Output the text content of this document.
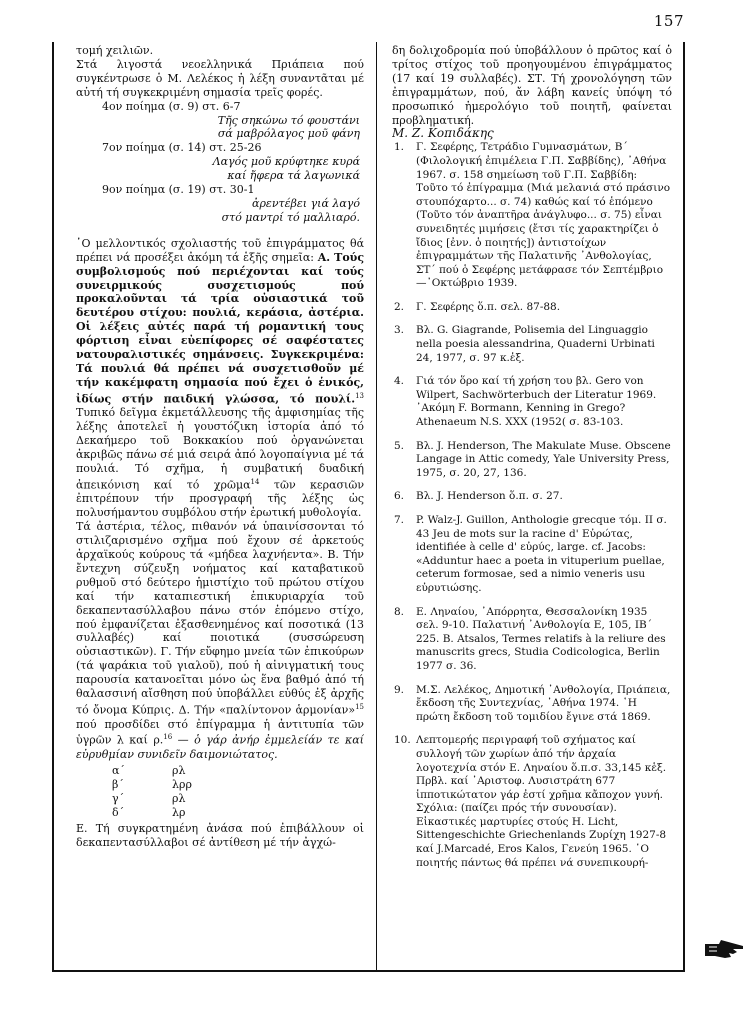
157

τομή χειλιῶν.

Στά λιγοστά νεοελληνικά Πριάπεια πού συγκέντρωσε ὁ Μ. Λελέκος ἡ λέξη συναντᾶται μέ αὐτή τή συγκεκριμένη σημασία τρεῖς φορές.

4ον ποίημα (σ. 9) στ. 6-7

Τῆς σηκώνω τό φουστάνι

σά μαβρόλαγος μοῦ φάνη

7ον ποίημα (σ. 14) στ. 25-26

Λαγός μοῦ κρύφτηκε κυρά

καί ἤφερα τά λαγωνικά

9ον ποίημα (σ. 19) στ. 30-1

ἀρεντέβει γιά λαγό

στό μαντρί τό μαλλιαρό.

῾Ο μελλοντικός σχολιαστής τοῦ ἐπιγράμματος θά πρέπει νά προσέξει ἀκόμη τά ἑξῆς σημεῖα: Α. Τούς συμβολισμούς πού περιέχονται καί τούς συνειρμικούς συσχετισμούς πού προκαλοῦνται τά τρία οὐσιαστικά τοῦ δευτέρου στίχου: πουλιά, κεράσια, ἀστέρια. Οἱ λέξεις αὐτές παρά τή ρομαντική τους φόρτιση εἶναι εὐεπίφορες σέ σαφέστατες νατουραλιστικές σημάνσεις. Συγκεκριμένα: Τά πουλιά θά πρέπει νά συσχετισθοῦν μέ τήν κακέμφατη σημασία πού ἔχει ὁ ἑνικός, ἰδίως στήν παιδική γλώσσα, τό πουλί.$^{13}$ Τυπικό δεῖγμα ἐκμετάλλευσης τῆς ἀμφισημίας τῆς λέξης ἀποτελεῖ ἡ γουστόζικη ἱστορία ἀπό τό Δεκαήμερο τοῦ Βοκκακίου πού ὀργανώνεται ἀκριβῶς πάνω σέ μιά σειρά ἀπό λογοπαίγνια μέ τά πουλιά. Τό σχῆμα, ἡ συμβατική δυαδική ἀπεικόνιση καί τό χρῶμα$^{14}$ τῶν κερασιῶν ἐπιτρέπουν τήν προσγραφή τῆς λέξης ὡς πολυσήμαντου συμβόλου στήν ἐρωτική μυθολογία.

Τά ἀστέρια, τέλος, πιθανόν νά ὑπαινίσσονται τό στιλιζαρισμένο σχῆμα πού ἔχουν σέ ἀρκετούς ἀρχαϊκούς κούρους τά «μήδεα λαχνήεντα». Β. Τήν ἔντεχνη σύζευξη νοήματος καί καταβατικοῦ ρυθμοῦ στό δεύτερο ἡμιστίχιο τοῦ πρώτου στίχου καί τήν καταπιεστική ἐπικυριαρχία τοῦ δεκαπεντασύλλαβου πάνω στόν ἑπόμενο στίχο, πού ἐμφανίζεται ἐξασθενημένος καί ποσοτικά (13 συλλαβές) καί ποιοτικά (συσσώρευση οὐσιαστικῶν). Γ. Τήν εὔφημο μνεία τῶν ἐπικούρων (τά ψαράκια τοῦ γιαλοῦ), πού ἡ αἰνιγματική τους παρουσία κατανοεῖται μόνο ὡς ἕνα βαθμό ἀπό τή θαλασσινή αἴσθηση πού ὑποβάλλει εὐθύς ἐξ ἀρχῆς τό ὄνομα Κύπρις. Δ. Τήν «παλίντονον ἁρμονίαν»$^{15}$ πού προσδίδει στό ἐπίγραμμα ἡ ἀντιτυπία τῶν ὑγρῶν λ καί ρ.$^{16}$ — ὁ γάρ ἀνήρ ἐμμελείάν τε καί εὐρυθμίαν συνιδεῖν δαιμονιώτατος.

α΄	ρλ
β΄	λρρ
γ΄	ρλ
δ΄	λρ

Ε. Τή συγκρατημένη ἀνάσα πού ἐπιβάλλουν οἱ δεκαπεντασύλλαβοι σέ ἀντίθεση μέ τήν ἀγχώ-

δη δολιχοδρομία πού ὑποβάλλουν ὁ πρῶτος καί ὁ τρίτος στίχος τοῦ προηγουμένου ἐπιγράμματος (17 καί 19 συλλαβές). ΣΤ. Τή χρονολόγηση τῶν ἐπιγραμμάτων, πού, ἄν λάβη κανείς ὑπόψη τό προσωπικό ἡμερολόγιο τοῦ ποιητῆ, φαίνεται προβληματική.

Μ. Ζ. Κοπιδάκης

1.	Γ. Σεφέρης, Τετράδιο Γυμνασμάτων, Β΄ (Φιλολογική ἐπιμέλεια Γ.Π. Σαββίδης), ᾿Αθήνα 1967. σ. 158 σημείωση τοῦ Γ.Π. Σαββίδη: Τοῦτο τό ἐπίγραμμα (Μιά μελανιά στό πράσινο στουπόχαρτο... σ. 74) καθώς καί τό ἑπόμενο (Τοῦτο τόν ἀναπτῆρα ἀνάγλυφο... σ. 75) εἶναι συνειδητές μιμήσεις (ἔτσι τίς χαρακτηρίζει ὁ ἴδιος [ἐνν. ὁ ποιητής]) ἀντιστοίχων ἐπιγραμμάτων τῆς Παλατινῆς ᾿Ανθολογίας, ΣΤ΄ πού ὁ Σεφέρης μετάφρασε τόν Σεπτέμβριο—᾿Οκτώβριο 1939.
2.	Γ. Σεφέρης ὅ.π. σελ. 87-88.
3.	Βλ. G. Giagrande, Polisemia del Linguaggio nella poesia alessandrina, Quaderni Urbinati 24, 1977, σ. 97 κ.ἑξ.
4.	Γιά τόν ὅρο καί τή χρήση του βλ. Gero von Wilpert, Sachwörterbuch der Literatur 1969. ᾿Ακόμη F. Bormann, Kenning in Grego? Athenaeum N.S. XXX (1952( σ. 83-103.
5.	Βλ. J. Henderson, The Makulate Muse. Obscene Langage in Attic comedy, Yale University Press, 1975, σ. 20, 27, 136.
6.	Βλ. J. Henderson ὅ.π. σ. 27.
7.	P. Walz-J. Guillon, Anthologie grecque τόμ. II σ. 43 Jeu de mots sur la racine d' Εὐρώτας, identifiée à celle d' εὐρύς, large. cf. Jacobs: «Adduntur haec a poeta in vituperium puellae, ceterum formosae, sed a nimio veneris usu εὐρυτιώσης.
8.	Ε. Ληναίου, ᾿Απόρρητα, Θεσσαλονίκη 1935 σελ. 9-10. Παλατινή ᾿Ανθολογία Ε, 105, ΙΒ΄ 225. B. Atsalos, Termes relatifs à la reliure des manuscrits grecs, Studia Codicologica, Berlin 1977 σ. 36.
9.	Μ.Σ. Λελέκος, Δημοτική ᾿Ανθολογία, Πριάπεια, ἔκδοση τῆς Συντεχνίας, ᾿Αθήνα 1974. ῾Η πρώτη ἔκδοση τοῦ τομιδίου ἔγινε στά 1869.
10. Λεπτομερής περιγραφή τοῦ σχήματος καί συλλογή τῶν χωρίων ἀπό τήν ἀρχαία λογοτεχνία στόν Ε. Ληναίου ὅ.π.σ. 33,145 κἑξ. Πρβλ. καί ᾿Αριστοφ. Λυσιστράτη 677 ἱπποτικώτατον γάρ ἐστί χρῆμα κἄποχον γυνή. Σχόλια: (παίζει πρός τήν συνουσίαν). Εἰκαστικές μαρτυρίες στούς H. Licht, Sittengeschichte Griechenlands Ζυρίχη 1927-8 καί J.Marcadé, Eros Kalos, Γενεύη 1965. ῾Ο ποιητής πάντως θά πρέπει νά συνεπικουρή-
